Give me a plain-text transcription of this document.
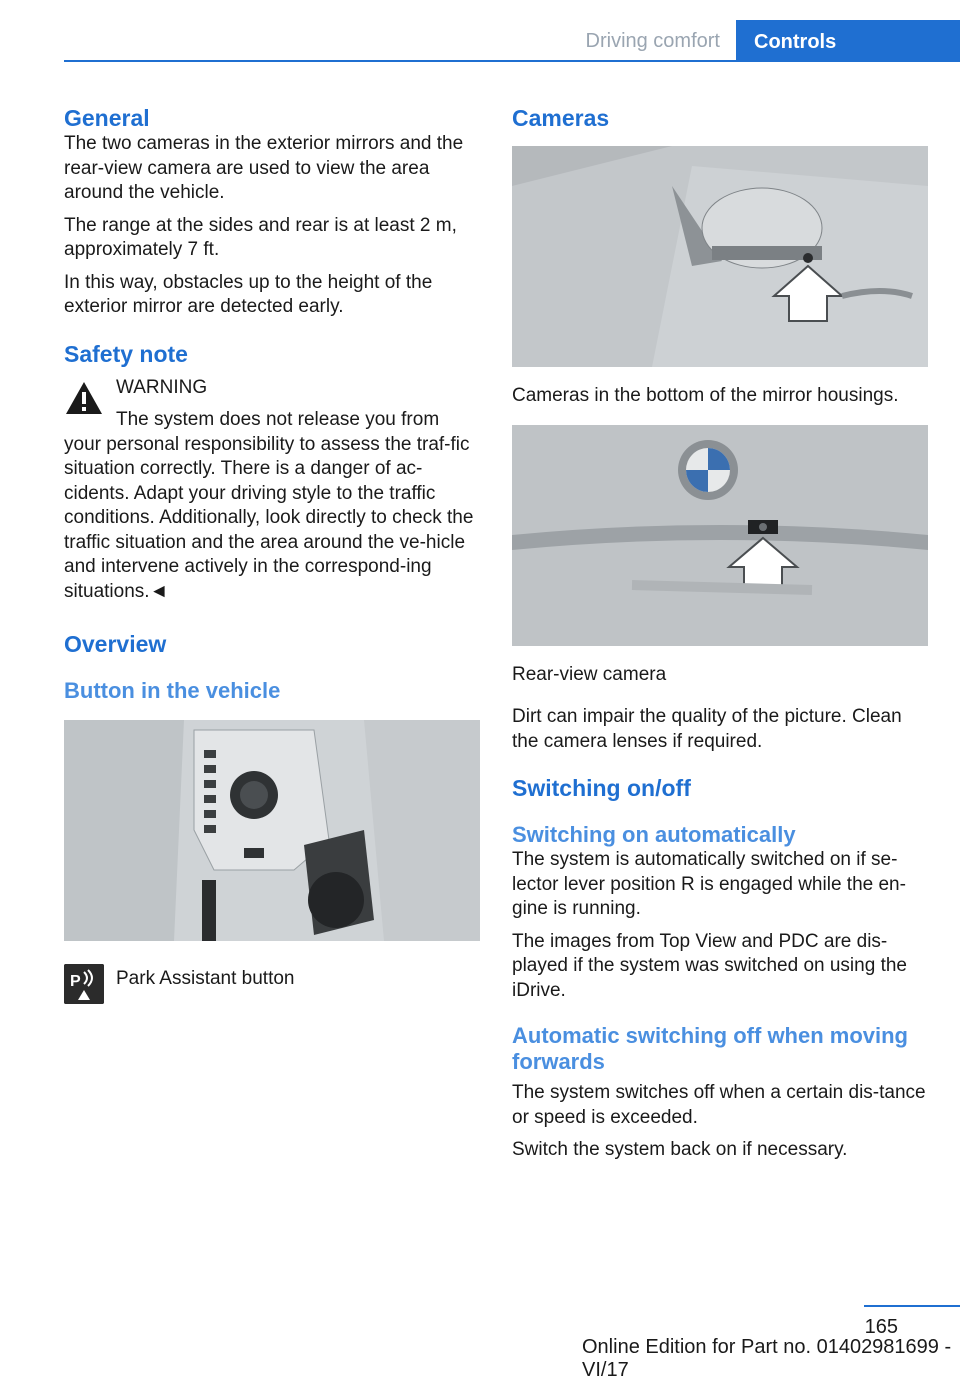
Driving comfort	Controls
General

The two cameras in the exterior mirrors and the rear-view camera are used to view the area around the vehicle.

The range at the sides and rear is at least 2 m, approximately 7 ft.

In this way, obstacles up to the height of the exterior mirror are detected early.

Safety note

WARNING

The system does not release you from

your personal responsibility to assess the traf-fic situation correctly. There is a danger of ac-cidents. Adapt your driving style to the traffic conditions. Additionally, look directly to check the traffic situation and the area around the ve-hicle and intervene actively in the correspond-ing situations.◄

Overview
Button in the vehicle
P Park Assistant button
Cameras

Cameras in the bottom of the mirror housings.

Rear-view camera

Dirt can impair the quality of the picture. Clean the camera lenses if required.

Switching on/off
Switching on automatically

The system is automatically switched on if se-lector lever position R is engaged while the en-gine is running.

The images from Top View and PDC are dis-played if the system was switched on using the iDrive.

Automatic switching off when moving forwards

The system switches off when a certain dis-tance or speed is exceeded.

Switch the system back on if necessary.

165
Online Edition for Part no. 01402981699 - VI/17
